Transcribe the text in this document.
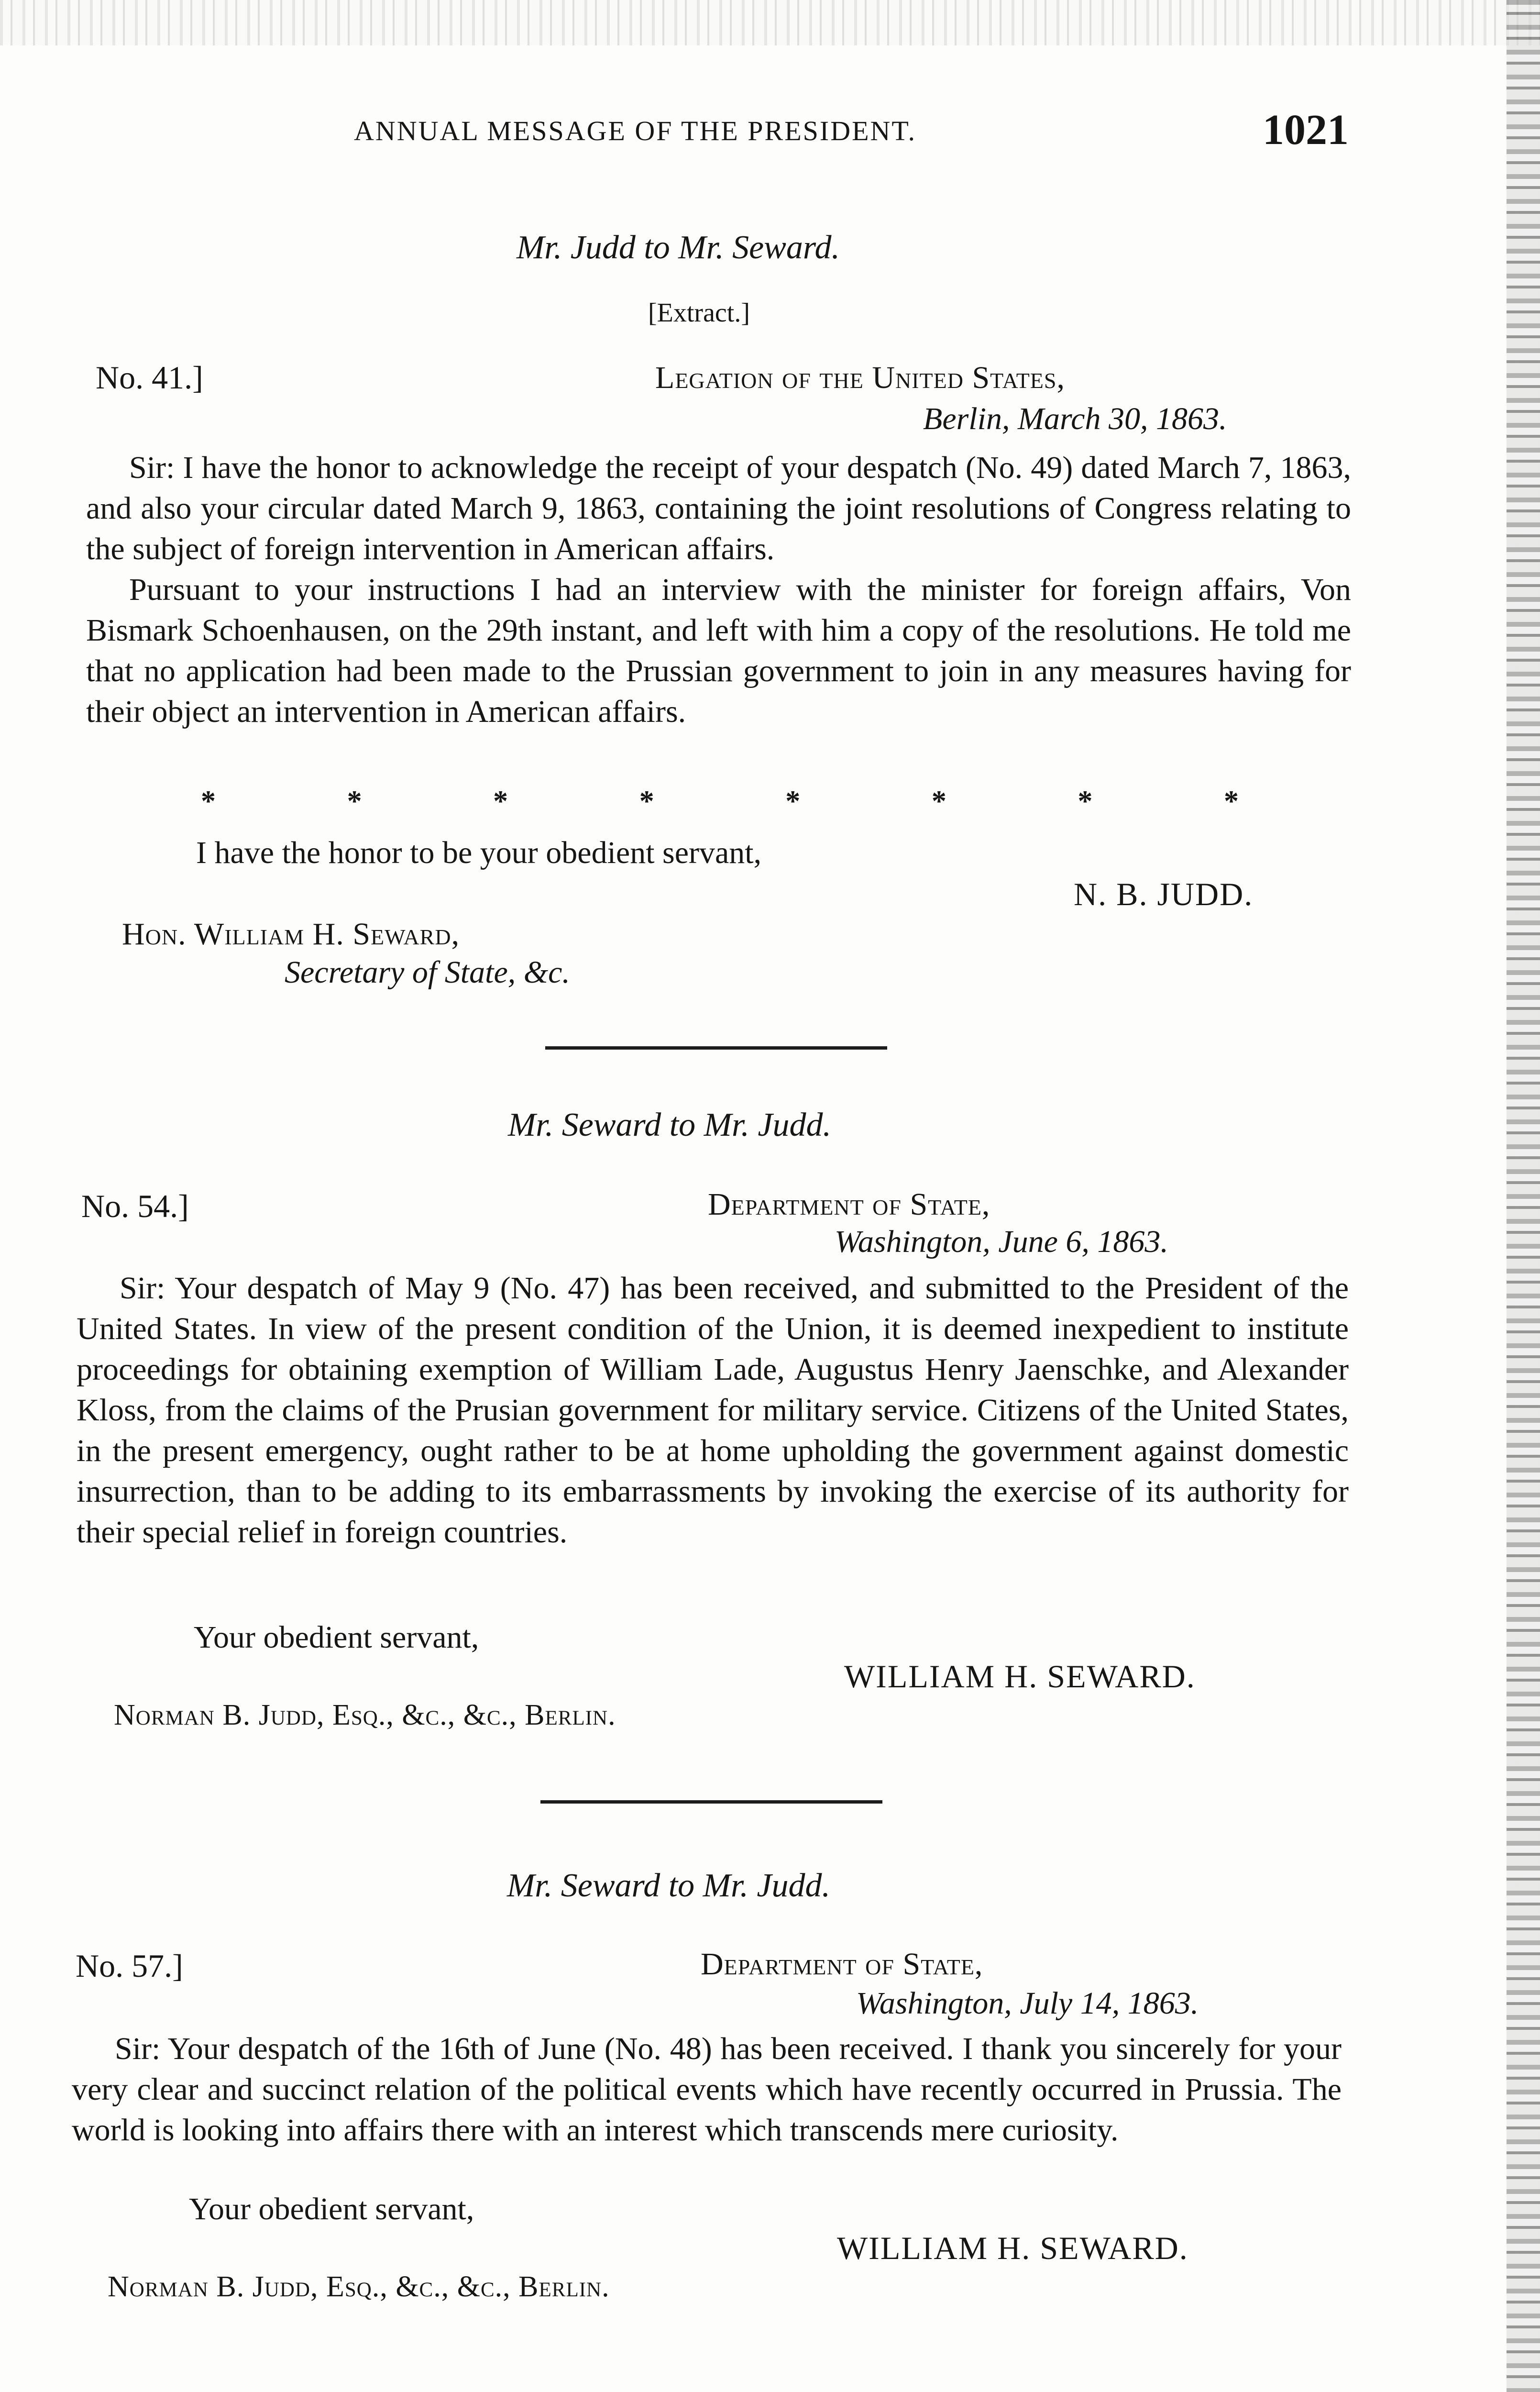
ANNUAL MESSAGE OF THE PRESIDENT.	1021
Mr. Judd to Mr. Seward.
[Extract.]
No. 41.]	Legation of the United States,
Berlin, March 30, 1863.

Sir: I have the honor to acknowledge the receipt of your despatch (No. 49) dated March 7, 1863, and also your circular dated March 9, 1863, containing the joint resolutions of Congress relating to the subject of foreign intervention in American affairs.

Pursuant to your instructions I had an interview with the minister for foreign affairs, Von Bismark Schoenhausen, on the 29th instant, and left with him a copy of the resolutions. He told me that no application had been made to the Prussian government to join in any measures having for their object an intervention in American affairs.

*	*	*	*	*	*	*	*
I have the honor to be your obedient servant,
N. B. JUDD.
Hon. William H. Seward,
Secretary of State, &c.
Mr. Seward to Mr. Judd.
No. 54.]	Department of State,
Washington, June 6, 1863.

Sir: Your despatch of May 9 (No. 47) has been received, and submitted to the President of the United States. In view of the present condition of the Union, it is deemed inexpedient to institute proceedings for obtaining exemption of William Lade, Augustus Henry Jaenschke, and Alexander Kloss, from the claims of the Prusian government for military service. Citizens of the United States, in the present emergency, ought rather to be at home upholding the government against domestic insurrection, than to be adding to its embarrassments by invoking the exercise of its authority for their special relief in foreign countries.

Your obedient servant,
WILLIAM H. SEWARD.
Norman B. Judd, Esq., &c., &c., Berlin.
Mr. Seward to Mr. Judd.
No. 57.]	Department of State,
Washington, July 14, 1863.

Sir: Your despatch of the 16th of June (No. 48) has been received. I thank you sincerely for your very clear and succinct relation of the political events which have recently occurred in Prussia. The world is looking into affairs there with an interest which transcends mere curiosity.

Your obedient servant,
WILLIAM H. SEWARD.
Norman B. Judd, Esq., &c., &c., Berlin.
